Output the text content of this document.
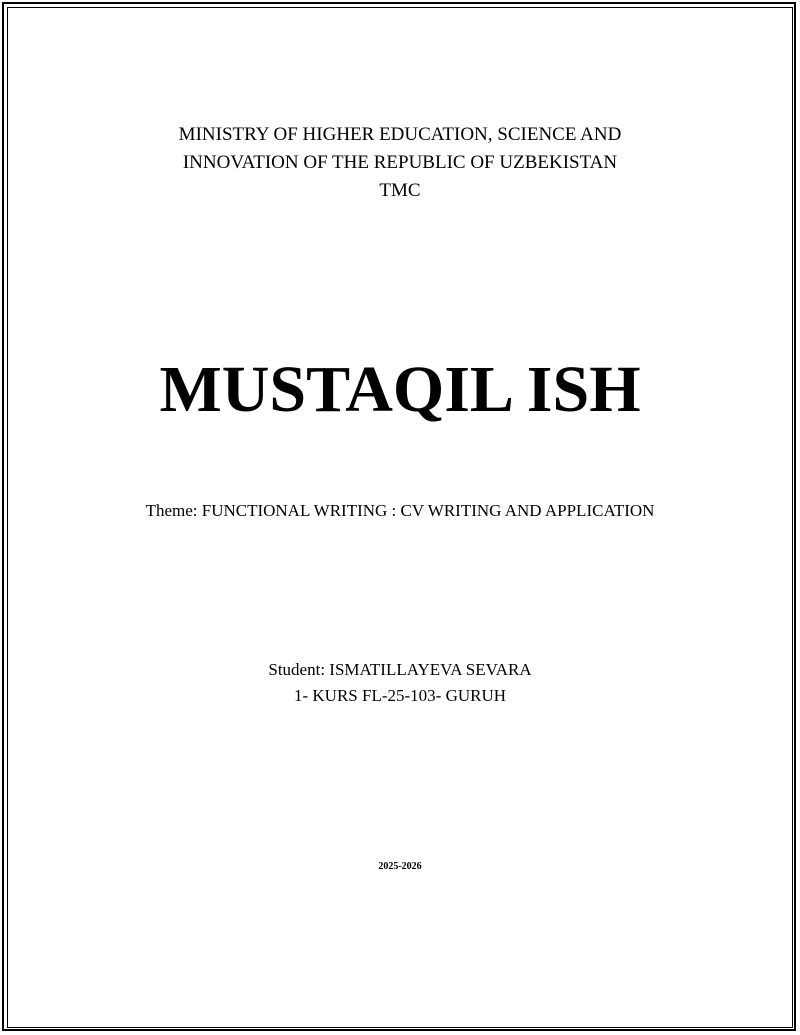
MINISTRY OF HIGHER EDUCATION, SCIENCE AND
INNOVATION OF THE REPUBLIC OF UZBEKISTAN
TMC
MUSTAQIL ISH
Theme: FUNCTIONAL WRITING : CV WRITING AND APPLICATION
Student: ISMATILLAYEVA SEVARA
1- KURS FL-25-103- GURUH
2025-2026
